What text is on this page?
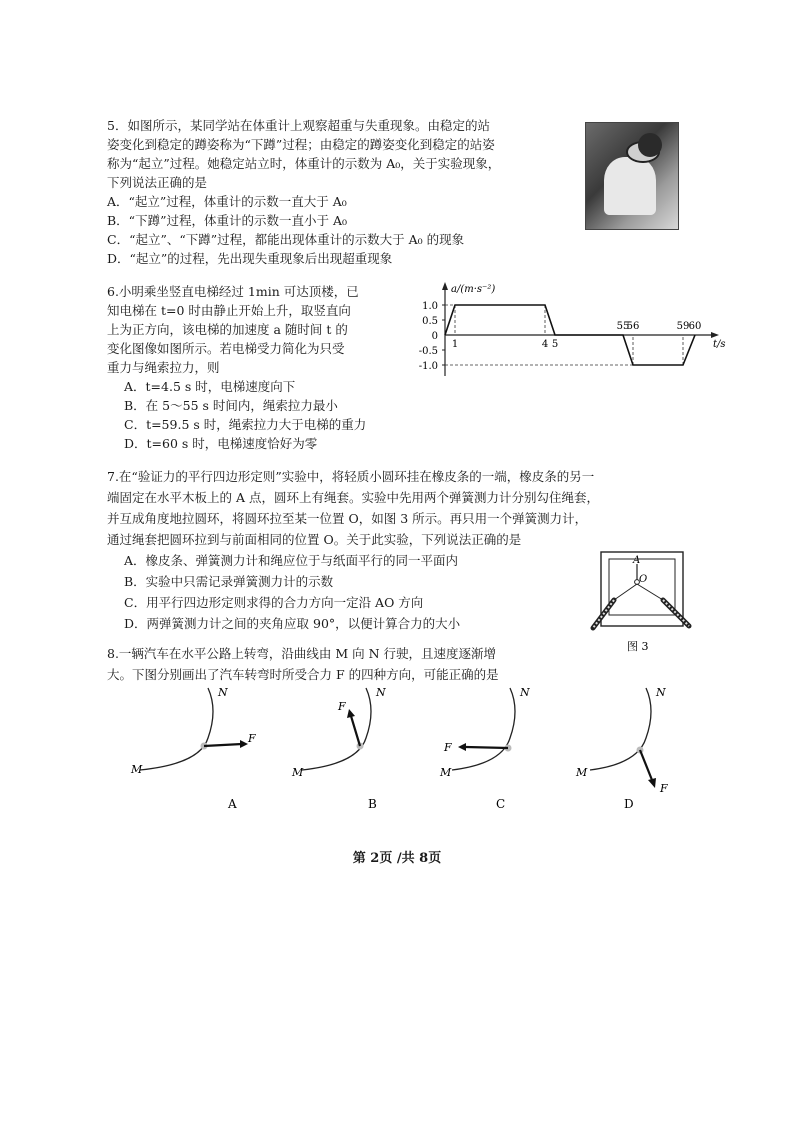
5．如图所示，某同学站在体重计上观察超重与失重现象。由稳定的站
姿变化到稳定的蹲姿称为“下蹲”过程；由稳定的蹲姿变化到稳定的站姿
称为“起立”过程。她稳定站立时，体重计的示数为 A₀，关于实验现象，
下列说法正确的是
A．“起立”过程，体重计的示数一直大于 A₀
B．“下蹲”过程，体重计的示数一直小于 A₀
C．“起立”、“下蹲”过程，都能出现体重计的示数大于 A₀ 的现象
D．“起立”的过程，先出现失重现象后出现超重现象
6.小明乘坐竖直电梯经过 1min 可达顶楼，已
知电梯在 t=0 时由静止开始上升，取竖直向
上为正方向，该电梯的加速度 a 随时间 t 的
变化图像如图所示。若电梯受力简化为只受
重力与绳索拉力，则
A．t=4.5 s 时，电梯速度向下
B．在 5～55 s 时间内，绳索拉力最小
C．t=59.5 s 时，绳索拉力大于电梯的重力
D．t=60 s 时，电梯速度恰好为零
1.0
0.5
0
-0.5
-1.0
1	4 5
55
56	59 60
a/(m·s⁻²)
t/s
7.在“验证力的平行四边形定则”实验中，将轻质小圆环挂在橡皮条的一端，橡皮条的另一
端固定在水平木板上的 A 点，圆环上有绳套。实验中先用两个弹簧测力计分别勾住绳套，
并互成角度地拉圆环，将圆环拉至某一位置 O，如图 3 所示。再只用一个弹簧测力计，
通过绳套把圆环拉到与前面相同的位置 O。关于此实验，下列说法正确的是
A．橡皮条、弹簧测力计和绳应位于与纸面平行的同一平面内
B．实验中只需记录弹簧测力计的示数
C．用平行四边形定则求得的合力方向一定沿 AO 方向
D．两弹簧测力计之间的夹角应取 90°，以便计算合力的大小
A
O
图 3
8.一辆汽车在水平公路上转弯，沿曲线由 M 向 N 行驶，且速度逐渐增
大。下图分别画出了汽车转弯时所受合力 F 的四种方向，可能正确的是
M
N
F
A
M
N
F
B
M
N
F
C
M
N
F
D
第 2页 /共 8页
